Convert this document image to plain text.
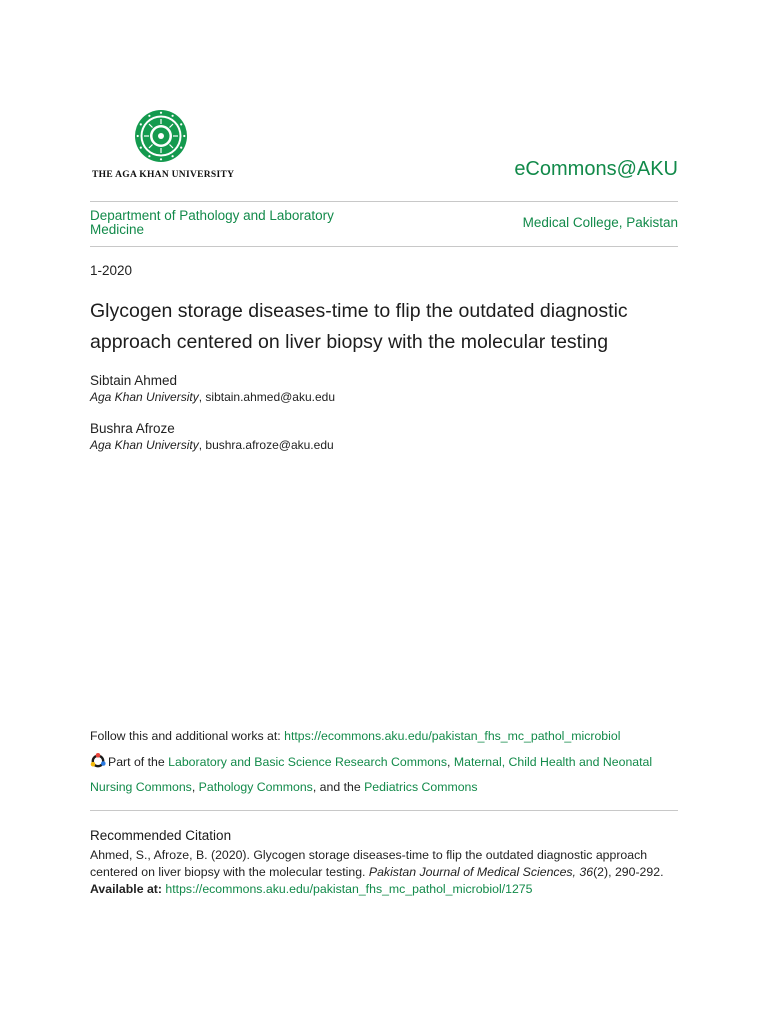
THE AGA KHAN UNIVERSITY	eCommons@AKU
Department of Pathology and Laboratory Medicine	Medical College, Pakistan
1-2020
Glycogen storage diseases-time to flip the outdated diagnostic approach centered on liver biopsy with the molecular testing
Sibtain Ahmed
Aga Khan University, sibtain.ahmed@aku.edu
Bushra Afroze
Aga Khan University, bushra.afroze@aku.edu
Follow this and additional works at: https://ecommons.aku.edu/pakistan_fhs_mc_pathol_microbiol
Part of the Laboratory and Basic Science Research Commons, Maternal, Child Health and Neonatal Nursing Commons, Pathology Commons, and the Pediatrics Commons
Recommended Citation
Ahmed, S., Afroze, B. (2020). Glycogen storage diseases-time to flip the outdated diagnostic approach centered on liver biopsy with the molecular testing. Pakistan Journal of Medical Sciences, 36(2), 290-292.
Available at: https://ecommons.aku.edu/pakistan_fhs_mc_pathol_microbiol/1275
